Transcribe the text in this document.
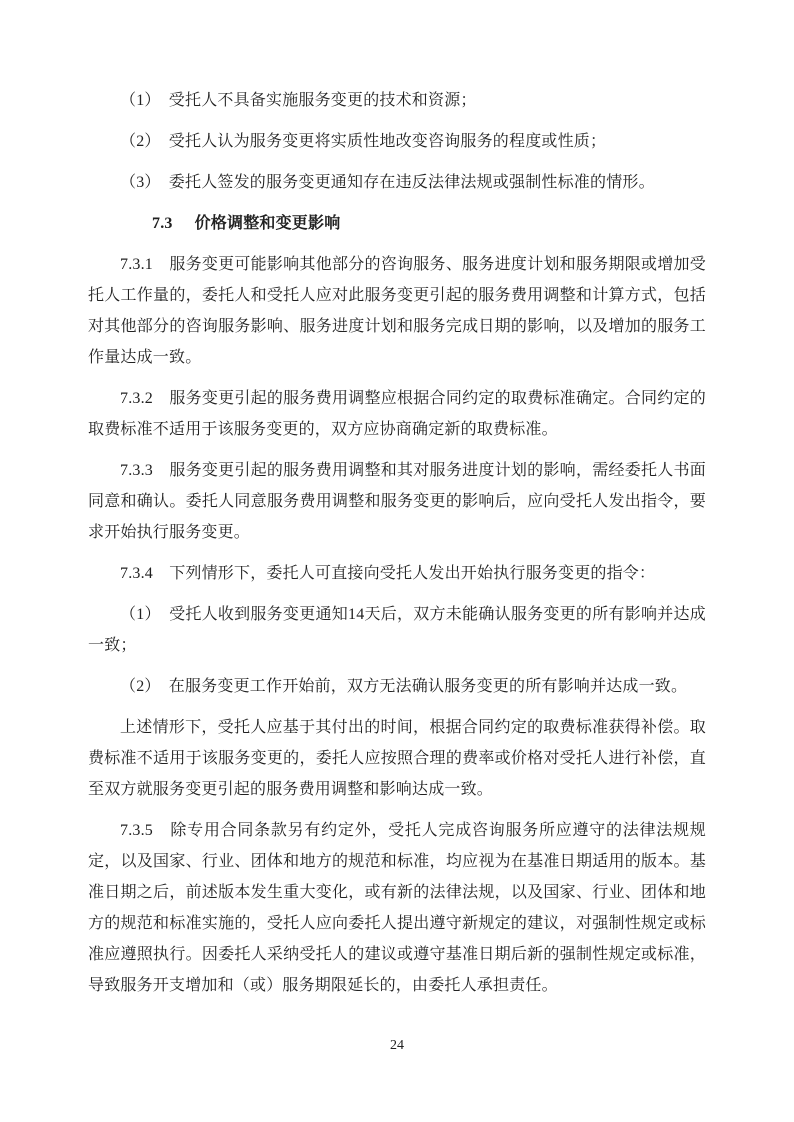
（1）　受托人不具备实施服务变更的技术和资源；

（2）　受托人认为服务变更将实质性地改变咨询服务的程度或性质；

（3）　委托人签发的服务变更通知存在违反法律法规或强制性标准的情形。

7.3 价格调整和变更影响

7.3.1　服务变更可能影响其他部分的咨询服务、服务进度计划和服务期限或增加受托人工作量的，委托人和受托人应对此服务变更引起的服务费用调整和计算方式，包括对其他部分的咨询服务影响、服务进度计划和服务完成日期的影响，以及增加的服务工作量达成一致。

7.3.2　服务变更引起的服务费用调整应根据合同约定的取费标准确定。合同约定的取费标准不适用于该服务变更的，双方应协商确定新的取费标准。

7.3.3　服务变更引起的服务费用调整和其对服务进度计划的影响，需经委托人书面同意和确认。委托人同意服务费用调整和服务变更的影响后，应向受托人发出指令，要求开始执行服务变更。

7.3.4　下列情形下，委托人可直接向受托人发出开始执行服务变更的指令：

（1）　受托人收到服务变更通知14天后，双方未能确认服务变更的所有影响并达成一致；

（2）　在服务变更工作开始前，双方无法确认服务变更的所有影响并达成一致。

上述情形下，受托人应基于其付出的时间，根据合同约定的取费标准获得补偿。取费标准不适用于该服务变更的，委托人应按照合理的费率或价格对受托人进行补偿，直至双方就服务变更引起的服务费用调整和影响达成一致。

7.3.5　除专用合同条款另有约定外，受托人完成咨询服务所应遵守的法律法规规定，以及国家、行业、团体和地方的规范和标准，均应视为在基准日期适用的版本。基准日期之后，前述版本发生重大变化，或有新的法律法规，以及国家、行业、团体和地方的规范和标准实施的，受托人应向委托人提出遵守新规定的建议，对强制性规定或标准应遵照执行。因委托人采纳受托人的建议或遵守基准日期后新的强制性规定或标准，导致服务开支增加和（或）服务期限延长的，由委托人承担责任。

24
